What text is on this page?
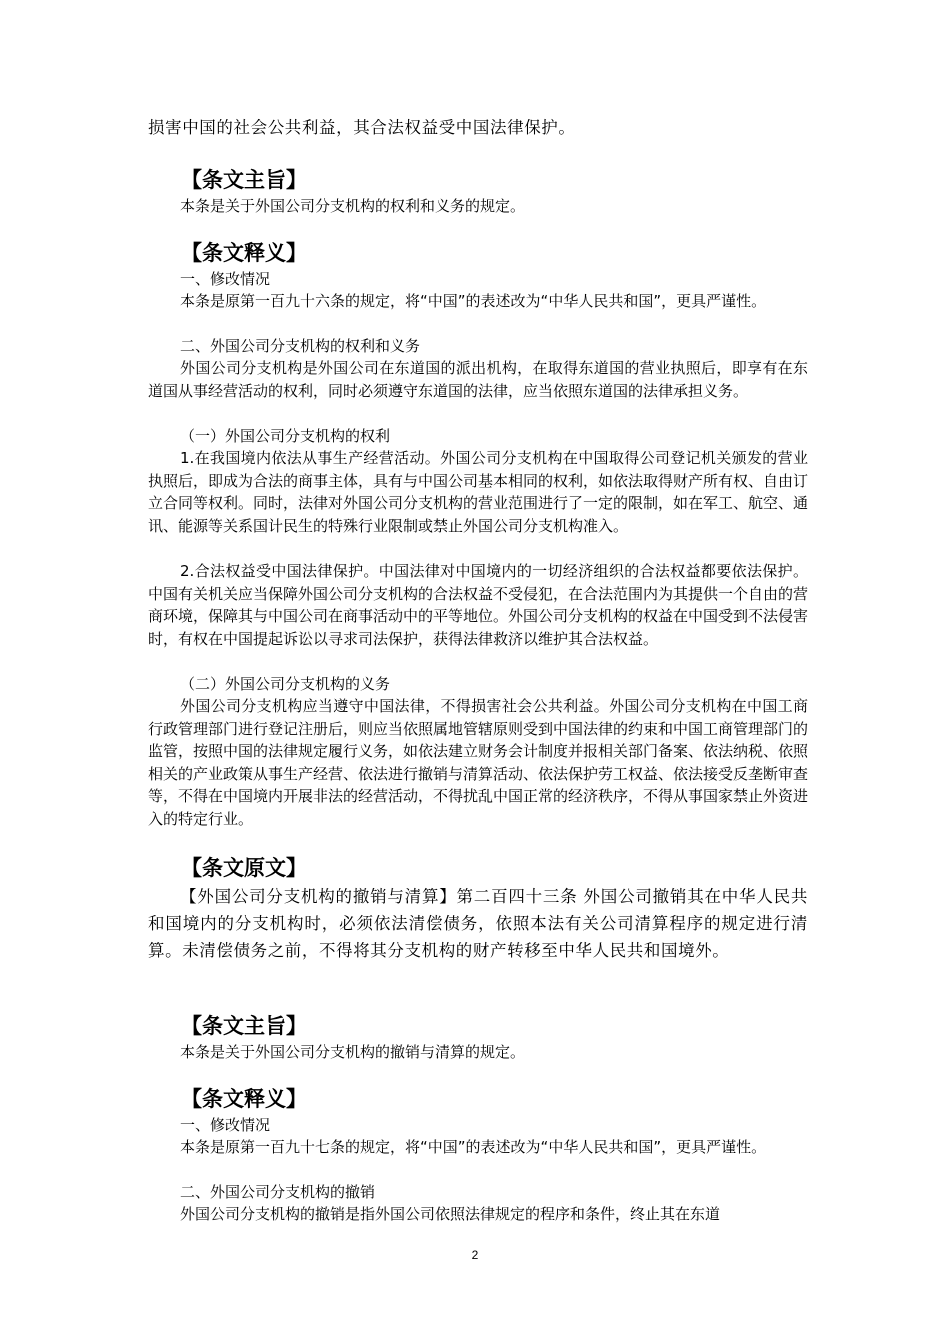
损害中国的社会公共利益，其合法权益受中国法律保护。

【条文主旨】

本条是关于外国公司分支机构的权利和义务的规定。

【条文释义】

一、修改情况

本条是原第一百九十六条的规定，将“中国”的表述改为“中华人民共和国”，更具严谨性。

二、外国公司分支机构的权利和义务

外国公司分支机构是外国公司在东道国的派出机构，在取得东道国的营业执照后，即享有在东道国从事经营活动的权利，同时必须遵守东道国的法律，应当依照东道国的法律承担义务。

（一）外国公司分支机构的权利

1.在我国境内依法从事生产经营活动。外国公司分支机构在中国取得公司登记机关颁发的营业执照后，即成为合法的商事主体，具有与中国公司基本相同的权利，如依法取得财产所有权、自由订立合同等权利。同时，法律对外国公司分支机构的营业范围进行了一定的限制，如在军工、航空、通讯、能源等关系国计民生的特殊行业限制或禁止外国公司分支机构准入。

2.合法权益受中国法律保护。中国法律对中国境内的一切经济组织的合法权益都要依法保护。中国有关机关应当保障外国公司分支机构的合法权益不受侵犯，在合法范围内为其提供一个自由的营商环境，保障其与中国公司在商事活动中的平等地位。外国公司分支机构的权益在中国受到不法侵害时，有权在中国提起诉讼以寻求司法保护，获得法律救济以维护其合法权益。

（二）外国公司分支机构的义务

外国公司分支机构应当遵守中国法律，不得损害社会公共利益。外国公司分支机构在中国工商行政管理部门进行登记注册后，则应当依照属地管辖原则受到中国法律的约束和中国工商管理部门的监管，按照中国的法律规定履行义务，如依法建立财务会计制度并报相关部门备案、依法纳税、依照相关的产业政策从事生产经营、依法进行撤销与清算活动、依法保护劳工权益、依法接受反垄断审查等，不得在中国境内开展非法的经营活动，不得扰乱中国正常的经济秩序，不得从事国家禁止外资进入的特定行业。

【条文原文】

【外国公司分支机构的撤销与清算】第二百四十三条 外国公司撤销其在中华人民共和国境内的分支机构时，必须依法清偿债务，依照本法有关公司清算程序的规定进行清算。未清偿债务之前，不得将其分支机构的财产转移至中华人民共和国境外。

【条文主旨】

本条是关于外国公司分支机构的撤销与清算的规定。

【条文释义】

一、修改情况

本条是原第一百九十七条的规定，将“中国”的表述改为“中华人民共和国”，更具严谨性。

二、外国公司分支机构的撤销

外国公司分支机构的撤销是指外国公司依照法律规定的程序和条件，终止其在东道

2
